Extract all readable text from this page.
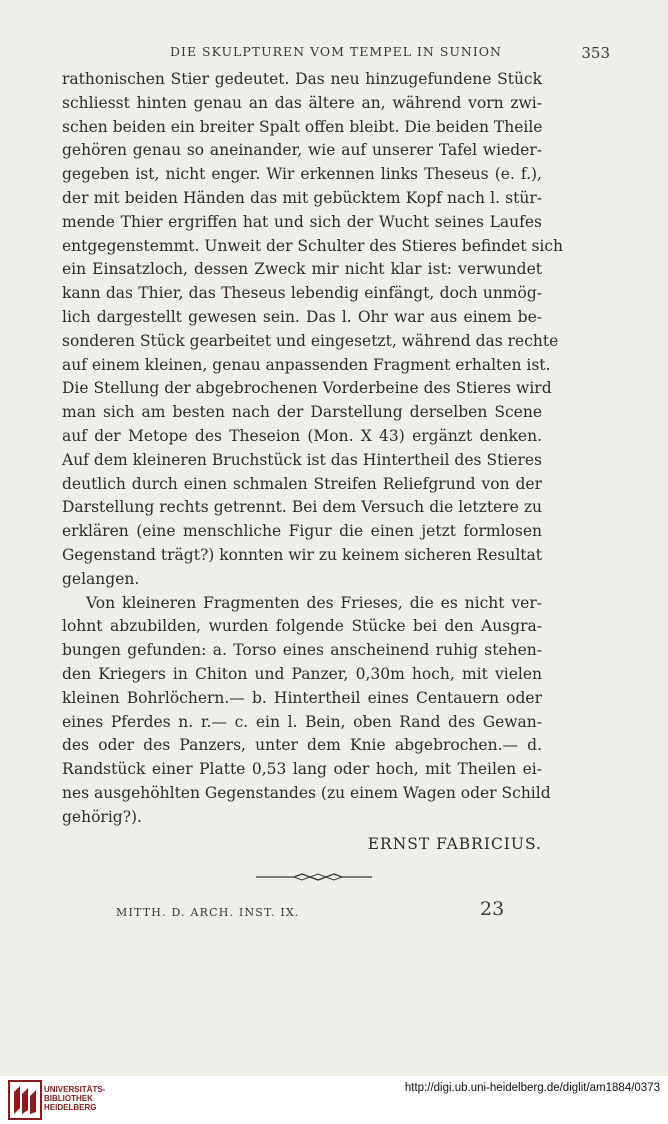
DIE SKULPTUREN VOM TEMPEL IN SUNION	353
rathonischen Stier gedeutet. Das neu hinzugefundene Stück
schliesst hinten genau an das ältere an, während vorn zwi-
schen beiden ein breiter Spalt offen bleibt. Die beiden Theile
gehören genau so aneinander, wie auf unserer Tafel wieder-
gegeben ist, nicht enger. Wir erkennen links Theseus (e. f.),
der mit beiden Händen das mit gebücktem Kopf nach l. stür-
mende Thier ergriffen hat und sich der Wucht seines Laufes
entgegenstemmt. Unweit der Schulter des Stieres befindet sich
ein Einsatzloch, dessen Zweck mir nicht klar ist: verwundet
kann das Thier, das Theseus lebendig einfängt, doch unmög-
lich dargestellt gewesen sein. Das l. Ohr war aus einem be-
sonderen Stück gearbeitet und eingesetzt, während das rechte
auf einem kleinen, genau anpassenden Fragment erhalten ist.
Die Stellung der abgebrochenen Vorderbeine des Stieres wird
man sich am besten nach der Darstellung derselben Scene
auf der Metope des Theseion (Mon. X 43) ergänzt denken.
Auf dem kleineren Bruchstück ist das Hintertheil des Stieres
deutlich durch einen schmalen Streifen Reliefgrund von der
Darstellung rechts getrennt. Bei dem Versuch die letztere zu
erklären (eine menschliche Figur die einen jetzt formlosen
Gegenstand trägt?) konnten wir zu keinem sicheren Resultat
gelangen.
Von kleineren Fragmenten des Frieses, die es nicht ver-
lohnt abzubilden, wurden folgende Stücke bei den Ausgra-
bungen gefunden: a. Torso eines anscheinend ruhig stehen-
den Kriegers in Chiton und Panzer, 0,30m hoch, mit vielen
kleinen Bohrlöchern.— b. Hintertheil eines Centauern oder
eines Pferdes n. r.— c. ein l. Bein, oben Rand des Gewan-
des oder des Panzers, unter dem Knie abgebrochen.— d.
Randstück einer Platte 0,53 lang oder hoch, mit Theilen ei-
nes ausgehöhlten Gegenstandes (zu einem Wagen oder Schild
gehörig?).
ERNST FABRICIUS.
MITTH. D. ARCH. INST. IX.	23
UNIVERSITÄTS-
BIBLIOTHEK
HEIDELBERG
http://digi.ub.uni-heidelberg.de/diglit/am1884/0373
